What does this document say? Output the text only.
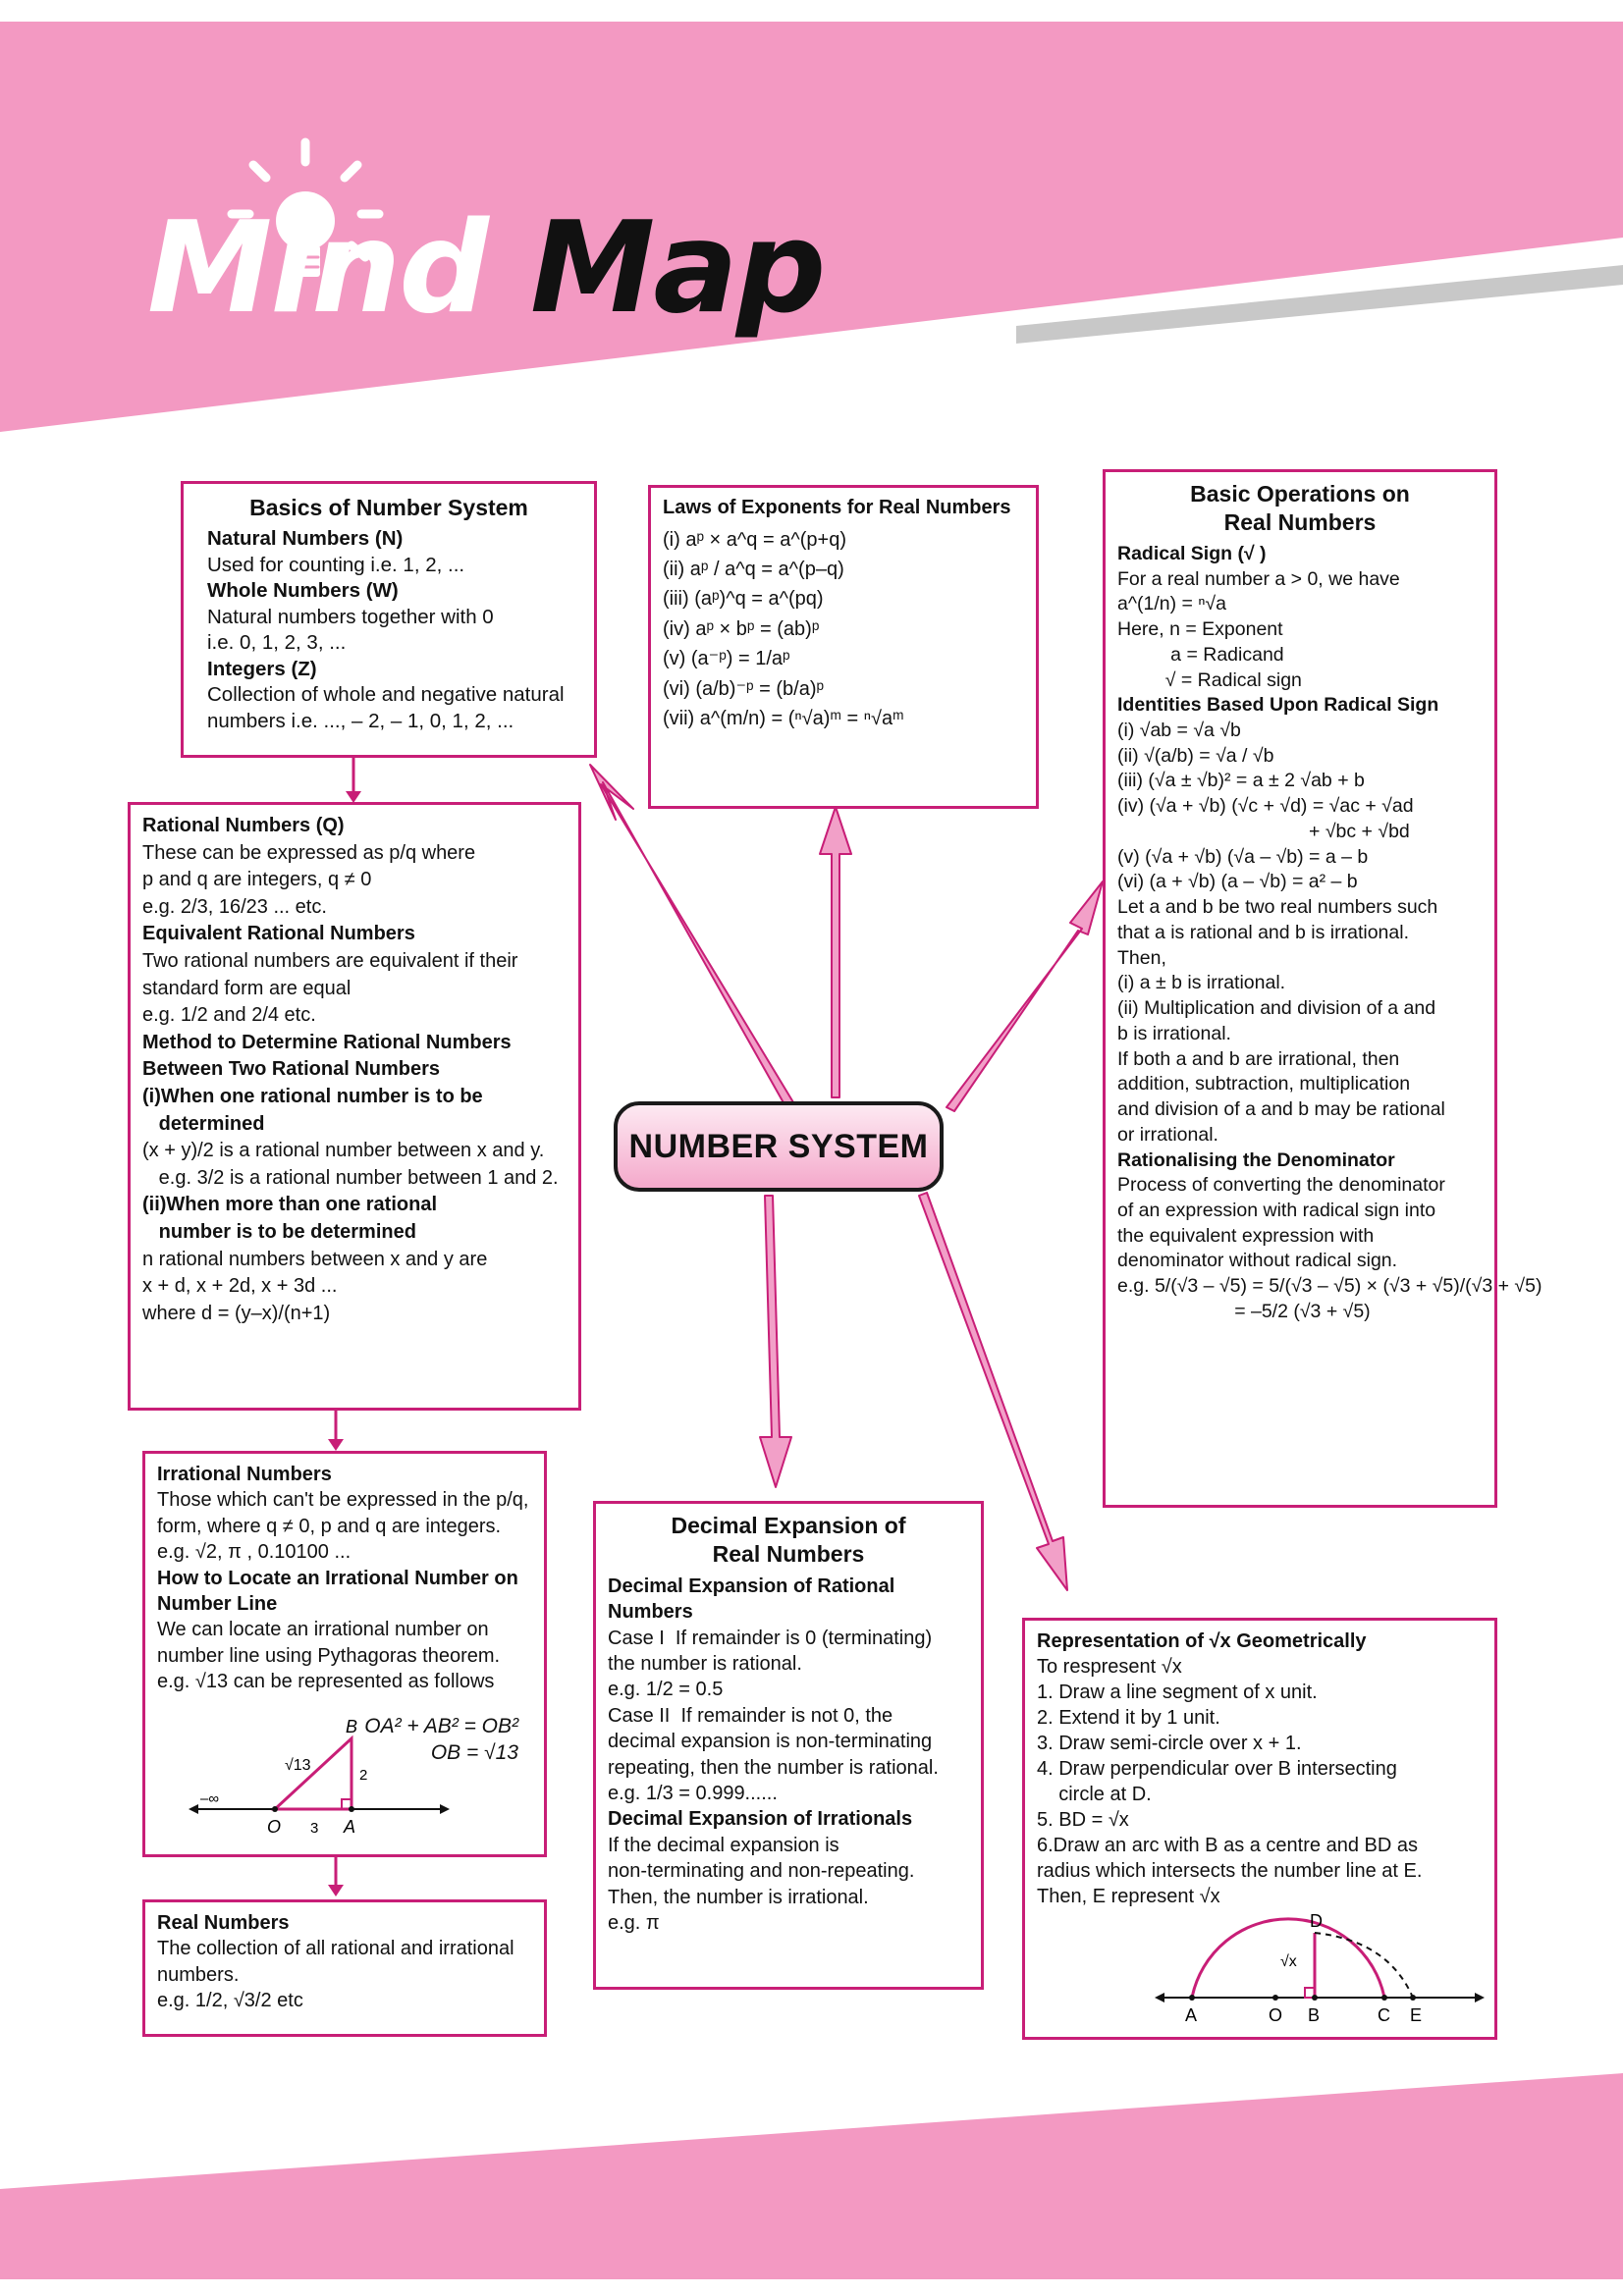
Mind Map
NUMBER SYSTEM
Basics of Number System
Natural Numbers (N)
Used for counting i.e. 1, 2, ...
Whole Numbers (W)
Natural numbers together with 0
i.e. 0, 1, 2, 3, ...
Integers (Z)
Collection of whole and negative natural
numbers i.e. ..., – 2, – 1, 0, 1, 2, ...
Laws of Exponents for Real Numbers
(i) aᵖ × a^q = a^(p+q)
(ii) aᵖ / a^q = a^(p–q)
(iii) (aᵖ)^q = a^(pq)
(iv) aᵖ × bᵖ = (ab)ᵖ
(v) (a⁻ᵖ) = 1/aᵖ
(vi) (a/b)⁻ᵖ = (b/a)ᵖ
(vii) a^(m/n) = (ⁿ√a)ᵐ = ⁿ√aᵐ
Basic Operations on
Real Numbers
Radical Sign (√ )
For a real number a > 0, we have
a^(1/n) = ⁿ√a
Here, n = Exponent
a = Radicand
√ = Radical sign
Identities Based Upon Radical Sign
(i) √ab = √a √b
(ii) √(a/b) = √a / √b
(iii) (√a ± √b)² = a ± 2 √ab + b
(iv) (√a + √b) (√c + √d) = √ac + √ad
+ √bc + √bd
(v) (√a + √b) (√a – √b) = a – b
(vi) (a + √b) (a – √b) = a² – b
Let a and b be two real numbers such
that a is rational and b is irrational.
Then,
(i) a ± b is irrational.
(ii) Multiplication and division of a and
b is irrational.
If both a and b are irrational, then
addition, subtraction, multiplication
and division of a and b may be rational
or irrational.
Rationalising the Denominator
Process of converting the denominator
of an expression with radical sign into
the equivalent expression with
denominator without radical sign.
e.g. 5/(√3 – √5) = 5/(√3 – √5) × (√3 + √5)/(√3 + √5)
= –5/2 (√3 + √5)
Rational Numbers (Q)
These can be expressed as p/q where
p and q are integers, q ≠ 0
e.g. 2/3, 16/23 ... etc.
Equivalent Rational Numbers
Two rational numbers are equivalent if their
standard form are equal
e.g. 1/2 and 2/4 etc.
Method to Determine Rational Numbers
Between Two Rational Numbers
(i)When one rational number is to be
determined
(x + y)/2 is a rational number between x and y.
e.g. 3/2 is a rational number between 1 and 2.
(ii)When more than one rational
number is to be determined
n rational numbers between x and y are
x + d, x + 2d, x + 3d ...
where d = (y–x)/(n+1)
Irrational Numbers
Those which can't be expressed in the p/q,
form, where q ≠ 0, p and q are integers.
e.g. √2, π , 0.10100 ...
How to Locate an Irrational Number on
Number Line
We can locate an irrational number on
number line using Pythagoras theorem.
e.g. √13 can be represented as follows
B
O	A
–∞
√13
2
3
OA² + AB² = OB²
OB = √13
Real Numbers
The collection of all rational and irrational
numbers.
e.g. 1/2, √3/2 etc
Decimal Expansion of
Real Numbers
Decimal Expansion of Rational
Numbers
Case I  If remainder is 0 (terminating)
the number is rational.
e.g. 1/2 = 0.5
Case II  If remainder is not 0, the
decimal expansion is non-terminating
repeating, then the number is rational.
e.g. 1/3 = 0.999......
Decimal Expansion of Irrationals
If the decimal expansion is
non-terminating and non-repeating.
Then, the number is irrational.
e.g. π
Representation of √x Geometrically
To respresent √x
1. Draw a line segment of x unit.
2. Extend it by 1 unit.
3. Draw semi-circle over x + 1.
4. Draw perpendicular over B intersecting
circle at D.
5. BD = √x
6.Draw an arc with B as a centre and BD as
radius which intersects the number line at E.
Then, E represent √x
A	O B	C E
D
√x
